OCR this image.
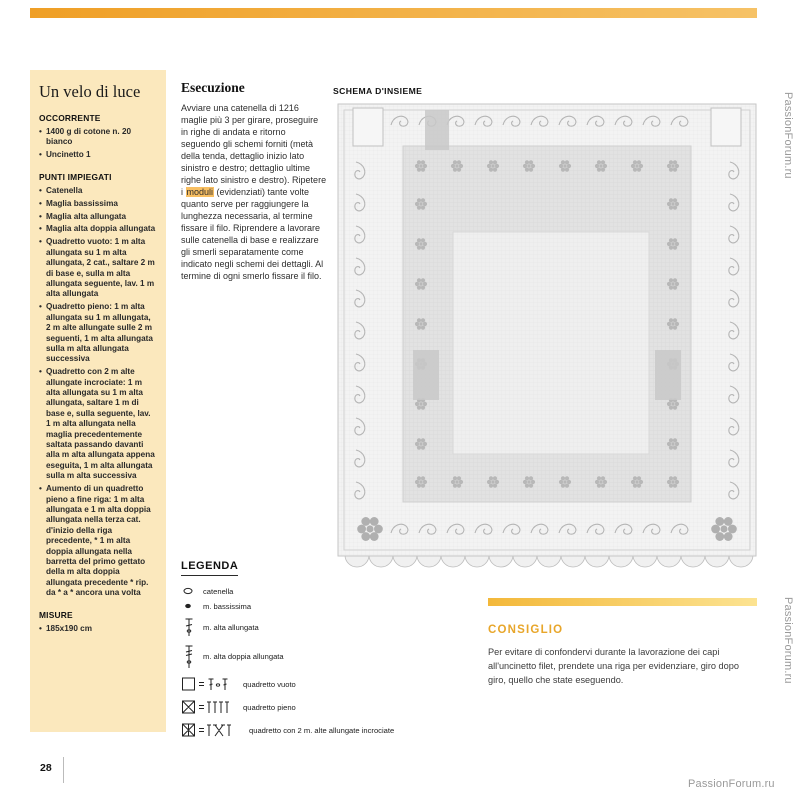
Un velo di luce
OCCORRENTE
• 1400 g di cotone n. 20 bianco
• Uncinetto 1
PUNTI IMPIEGATI
• Catenella
• Maglia bassissima
• Maglia alta allungata
• Maglia alta doppia allungata
• Quadretto vuoto: 1 m alta allungata su 1 m alta allungata, 2 cat., saltare 2 m di base e, sulla m alta allungata seguente, lav. 1 m alta allungata
• Quadretto pieno: 1 m alta allungata su 1 m allungata, 2 m alte allungate sulle 2 m seguenti, 1 m alta allungata sulla m alta allungata successiva
• Quadretto con 2 m alte allungate incrociate: 1 m alta allungata su 1 m alta allungata, saltare 1 m di base e, sulla seguente, lav. 1 m alta allungata nella maglia precedentemente saltata passando davanti alla m alta allungata appena eseguita, 1 m alta allungata sulla m alta successiva
• Aumento di un quadretto pieno a fine riga: 1 m alta allungata e 1 m alta doppia allungata nella terza cat. d'inizio della riga precedente, * 1 m alta doppia allungata nella barretta del primo gettato della m alta doppia allungata precedente * rip. da * a * ancora una volta
MISURE
• 185x190 cm
Esecuzione

Avviare una catenella di 1216 maglie più 3 per girare, proseguire in righe di andata e ritorno seguendo gli schemi forniti (metà della tenda, dettaglio inizio lato sinistro e destro; dettaglio ultime righe lato sinistro e destro). Ripetere i moduli (evidenziati) tante volte quanto serve per raggiungere la lunghezza necessaria, al termine fissare il filo. Riprendere a lavorare sulle catenella di base e realizzare gli smerli separatamente come indicato negli schemi dei dettagli. Al termine di ogni smerlo fissare il filo.

SCHEMA D'INSIEME
LEGENDA
catenella
m. bassissima
m. alta allungata
m. alta doppia allungata
quadretto vuoto
quadretto pieno
quadretto con 2 m. alte allungate incrociate
CONSIGLIO

Per evitare di confondervi durante la lavorazione dei capi all'uncinetto filet, prendete una riga per evidenziare, giro dopo giro, quello che state eseguendo.

28
PassionForum.ru
PassionForum.ru
PassionForum.ru
